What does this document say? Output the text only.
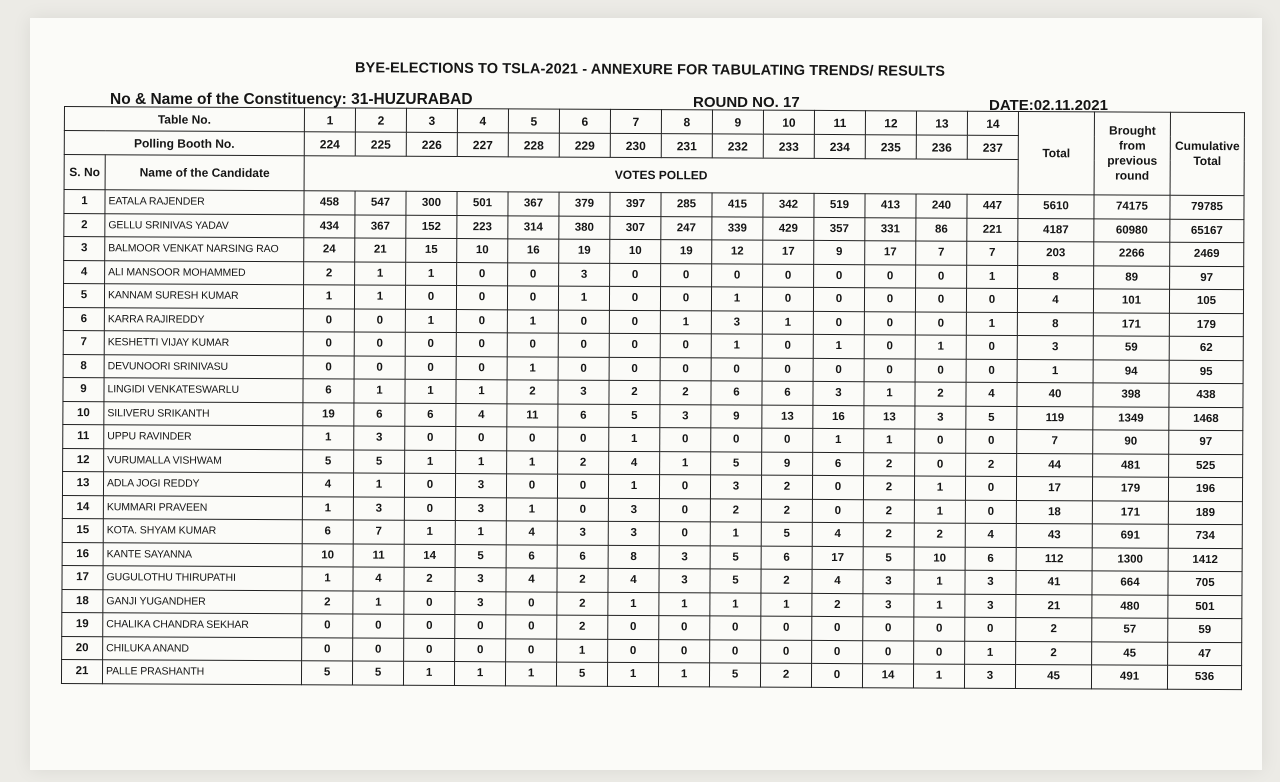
BYE-ELECTIONS TO TSLA-2021 - ANNEXURE FOR TABULATING TRENDS/ RESULTS
No & Name of the Constituency: 31-HUZURABAD	ROUND NO. 17	DATE:02.11.2021
Table No.		1	2	3	4	5	6	7	8	9	10	11	12	13	14	Total	Brought from previous round	Cumulative Total
Polling Booth No.		224	225	226	227	228	229	230	231	232	233	234	235	236	237			
S. No	Name of the Candidate	VOTES POLLED																
1	EATALA RAJENDER	458	547	300	501	367	379	397	285	415	342	519	413	240	447	5610	74175	79785
2	GELLU SRINIVAS YADAV	434	367	152	223	314	380	307	247	339	429	357	331	86	221	4187	60980	65167
3	BALMOOR VENKAT NARSING RAO	24	21	15	10	16	19	10	19	12	17	9	17	7	7	203	2266	2469
4	ALI MANSOOR MOHAMMED	2	1	1	0	0	3	0	0	0	0	0	0	0	1	8	89	97
5	KANNAM SURESH KUMAR	1	1	0	0	0	1	0	0	1	0	0	0	0	0	4	101	105
6	KARRA RAJIREDDY	0	0	1	0	1	0	0	1	3	1	0	0	0	1	8	171	179
7	KESHETTI VIJAY KUMAR	0	0	0	0	0	0	0	0	1	0	1	0	1	0	3	59	62
8	DEVUNOORI SRINIVASU	0	0	0	0	1	0	0	0	0	0	0	0	0	0	1	94	95
9	LINGIDI VENKATESWARLU	6	1	1	1	2	3	2	2	6	6	3	1	2	4	40	398	438
10	SILIVERU SRIKANTH	19	6	6	4	11	6	5	3	9	13	16	13	3	5	119	1349	1468
11	UPPU RAVINDER	1	3	0	0	0	0	1	0	0	0	1	1	0	0	7	90	97
12	VURUMALLA VISHWAM	5	5	1	1	1	2	4	1	5	9	6	2	0	2	44	481	525
13	ADLA JOGI REDDY	4	1	0	3	0	0	1	0	3	2	0	2	1	0	17	179	196
14	KUMMARI PRAVEEN	1	3	0	3	1	0	3	0	2	2	0	2	1	0	18	171	189
15	KOTA. SHYAM KUMAR	6	7	1	1	4	3	3	0	1	5	4	2	2	4	43	691	734
16	KANTE SAYANNA	10	11	14	5	6	6	8	3	5	6	17	5	10	6	112	1300	1412
17	GUGULOTHU THIRUPATHI	1	4	2	3	4	2	4	3	5	2	4	3	1	3	41	664	705
18	GANJI YUGANDHER	2	1	0	3	0	2	1	1	1	1	2	3	1	3	21	480	501
19	CHALIKA CHANDRA SEKHAR	0	0	0	0	0	2	0	0	0	0	0	0	0	0	2	57	59
20	CHILUKA ANAND	0	0	0	0	0	1	0	0	0	0	0	0	0	1	2	45	47
21	PALLE PRASHANTH	5	5	1	1	1	5	1	1	5	2	0	14	1	3	45	491	536
